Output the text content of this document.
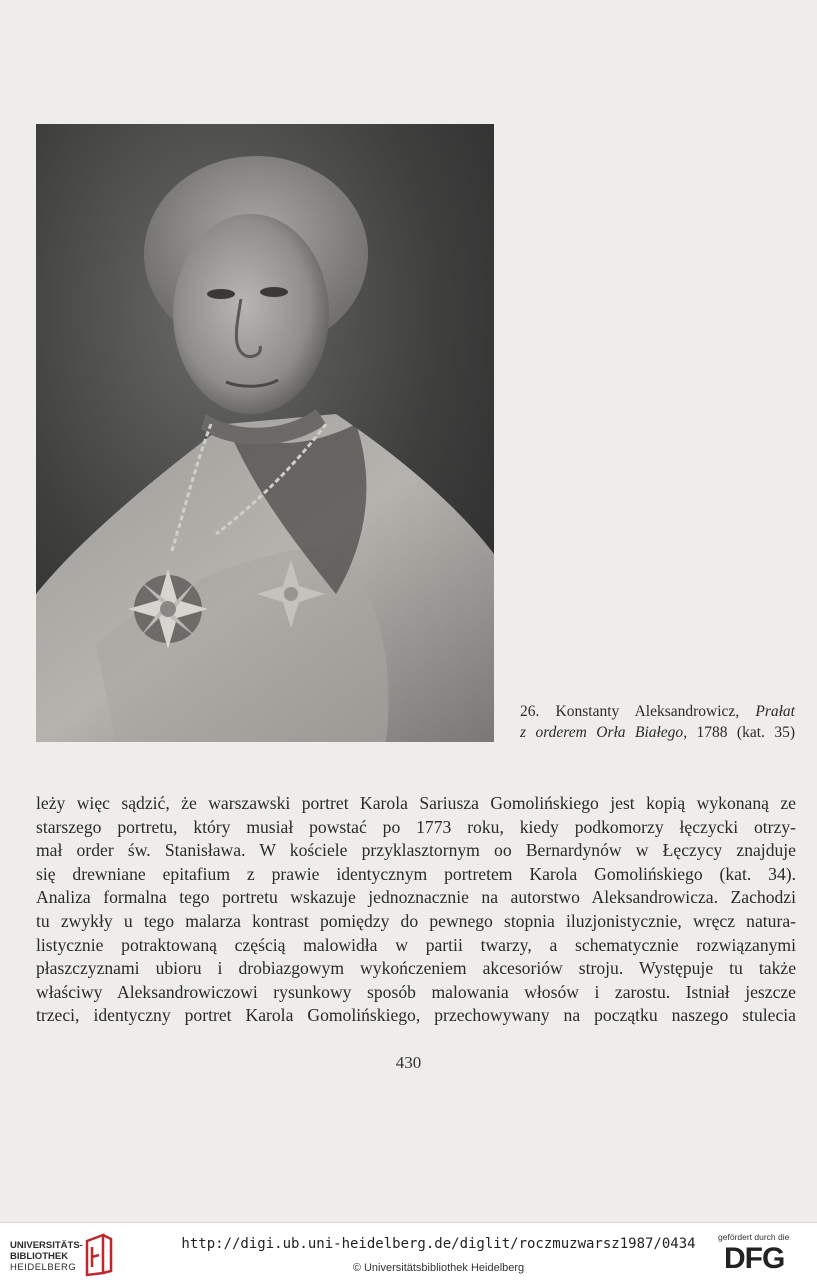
26. Konstanty Aleksandrowicz, Prałat
z orderem Orła Białego, 1788 (kat. 35)
leży więc sądzić, że warszawski portret Karola Sariusza Gomolińskiego jest kopią wykonaną ze
starszego portretu, który musiał powstać po 1773 roku, kiedy podkomorzy łęczycki otrzy-
mał order św. Stanisława. W kościele przyklasztornym oo Bernardynów w Łęczycy znajduje
się drewniane epitafium z prawie identycznym portretem Karola Gomolińskiego (kat. 34).
Analiza formalna tego portretu wskazuje jednoznacznie na autorstwo Aleksandrowicza. Zachodzi
tu zwykły u tego malarza kontrast pomiędzy do pewnego stopnia iluzjonistycznie, wręcz natura-
listycznie potraktowaną częścią malowidła w partii twarzy, a schematycznie rozwiązanymi
płaszczyznami ubioru i drobiazgowym wykończeniem akcesoriów stroju. Występuje tu także
właściwy Aleksandrowiczowi rysunkowy sposób malowania włosów i zarostu. Istniał jeszcze
trzeci, identyczny portret Karola Gomolińskiego, przechowywany na początku naszego stulecia
430
UNIVERSITÄTS-
BIBLIOTHEK
HEIDELBERG
http://digi.ub.uni-heidelberg.de/diglit/roczmuzwarsz1987/0434
© Universitätsbibliothek Heidelberg
gefördert durch die
DFG
